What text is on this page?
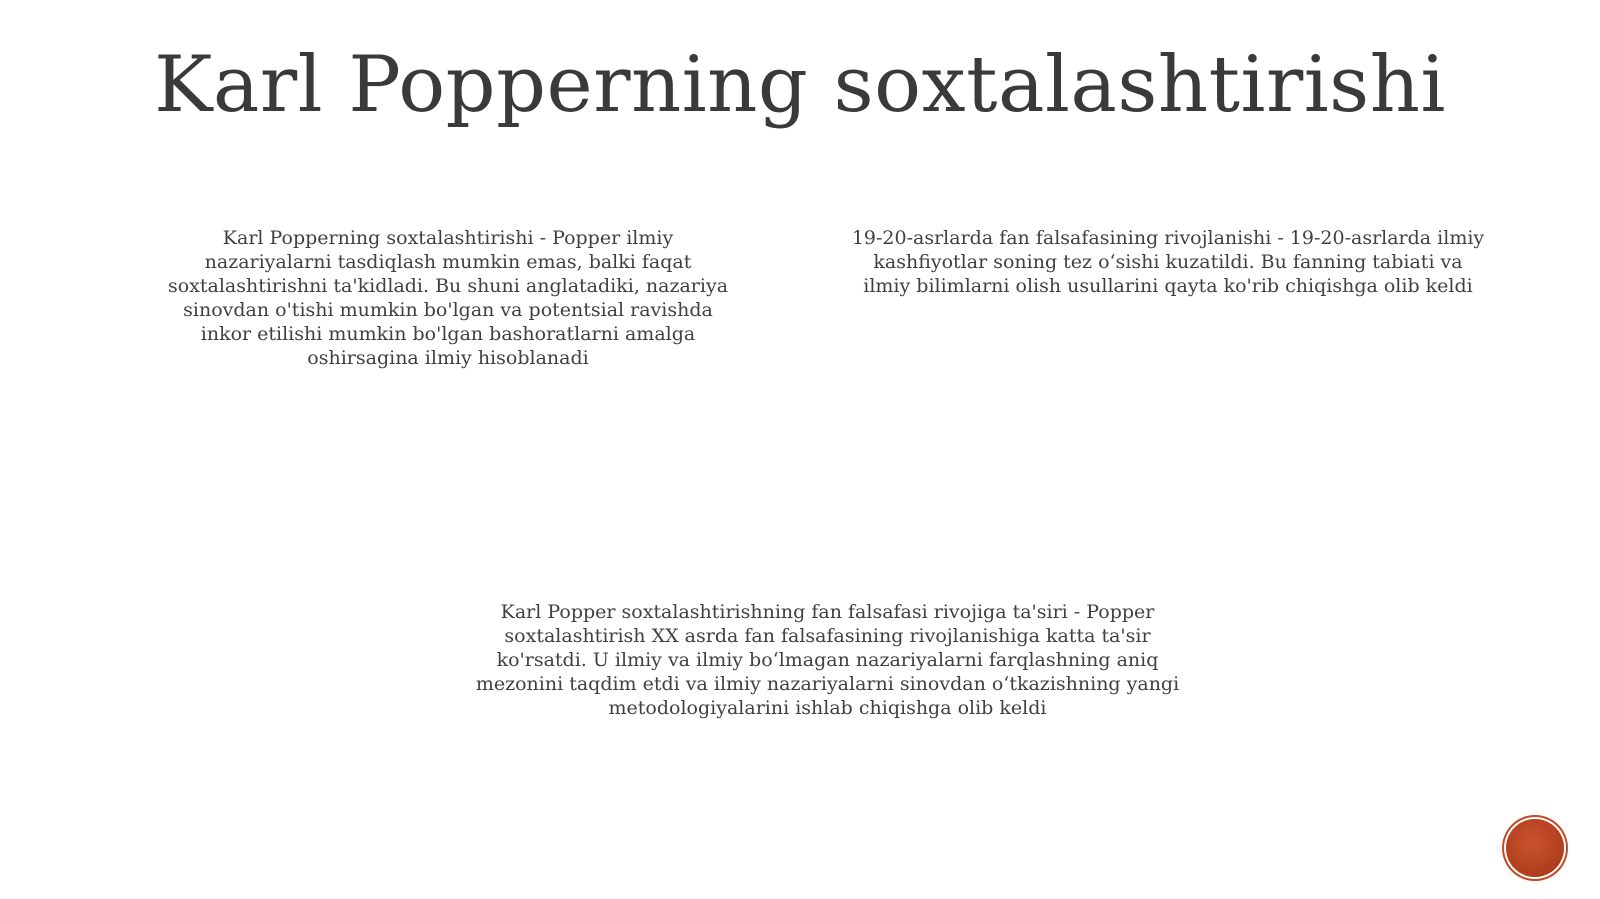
Karl Popperning soxtalashtirishi
Karl Popperning soxtalashtirishi - Popper ilmiy nazariyalarni tasdiqlash mumkin emas, balki faqat soxtalashtirishni ta'kidladi. Bu shuni anglatadiki, nazariya sinovdan o'tishi mumkin bo'lgan va potentsial ravishda inkor etilishi mumkin bo'lgan bashoratlarni amalga oshirsagina ilmiy hisoblanadi
19-20-asrlarda fan falsafasining rivojlanishi - 19-20-asrlarda ilmiy kashfiyotlar soning tez o‘sishi kuzatildi. Bu fanning tabiati va ilmiy bilimlarni olish usullarini qayta ko'rib chiqishga olib keldi
Karl Popper soxtalashtirishning fan falsafasi rivojiga ta'siri - Popper soxtalashtirish XX asrda fan falsafasining rivojlanishiga katta ta'sir ko'rsatdi. U ilmiy va ilmiy bo‘lmagan nazariyalarni farqlashning aniq mezonini taqdim etdi va ilmiy nazariyalarni sinovdan o‘tkazishning yangi metodologiyalarini ishlab chiqishga olib keldi
